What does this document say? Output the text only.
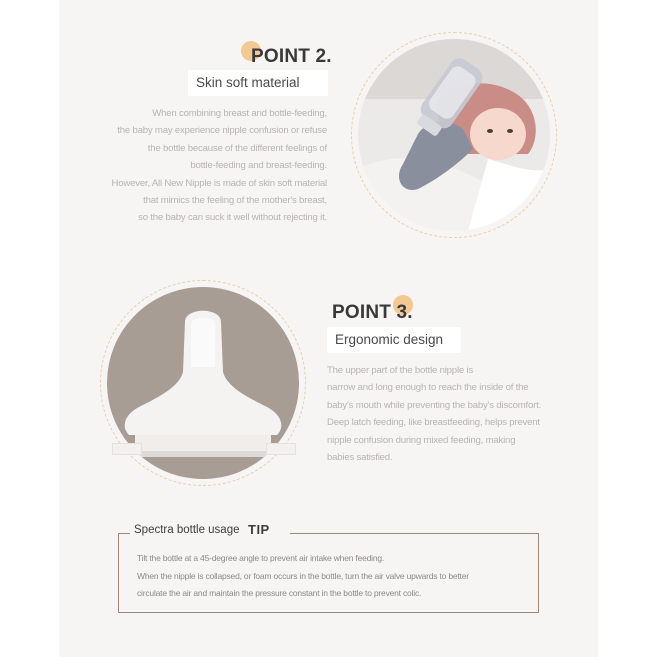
POINT 2.
Skin soft material
When combining breast and bottle-feeding,
the baby may experience nipple confusion or refuse
the bottle because of the different feelings of
bottle-feeding and breast-feeding.
However, All New Nipple is made of skin soft material
that mimics the feeling of the mother's breast,
so the baby can suck it well without rejecting it.
POINT 3.
Ergonomic design
The upper part of the bottle nipple is
narrow and long enough to reach the inside of the
baby's mouth while preventing the baby's discomfort.
Deep latch feeding, like breastfeeding, helps prevent
nipple confusion during mixed feeding, making
babies satisfied.
Spectra bottle usage TIP
Tilt the bottle at a 45-degree angle to prevent air intake when feeding.
When the nipple is collapsed, or foam occurs in the bottle, turn the air valve upwards to better
circulate the air and maintain the pressure constant in the bottle to prevent colic.
